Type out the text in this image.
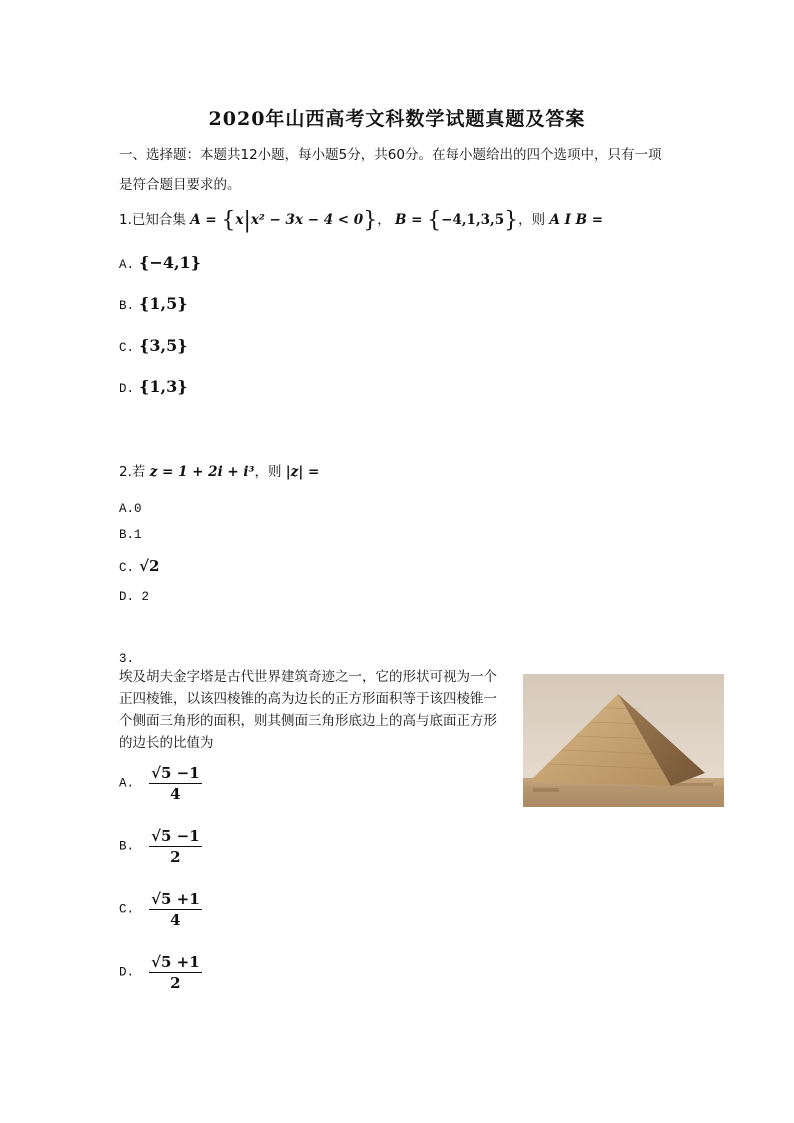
2020年山西高考文科数学试题真题及答案
一、选择题：本题共12小题，每小题5分，共60分。在每小题给出的四个选项中，只有一项
是符合题目要求的。
1.已知合集 A = {x|x² − 3x − 4 < 0}， B = {−4,1,3,5}，则 A I B =
A. {−4,1}
B. {1,5}
C. {3,5}
D. {1,3}
2.若 z = 1 + 2i + i³，则 |z| =
A.0
B.1
C. √2
D. 2
3.
埃及胡夫金字塔是古代世界建筑奇迹之一，它的形状可视为一个正四棱锥，以该四棱锥的高为边长的正方形面积等于该四棱锥一个侧面三角形的面积，则其侧面三角形底边上的高与底面正方形的边长的比值为
A. $\frac{√5 -1}{4}$
B. $\frac{√5 -1}{2}$
C. $\frac{√5 +1}{4}$
D. $\frac{√5 +1}{2}$
